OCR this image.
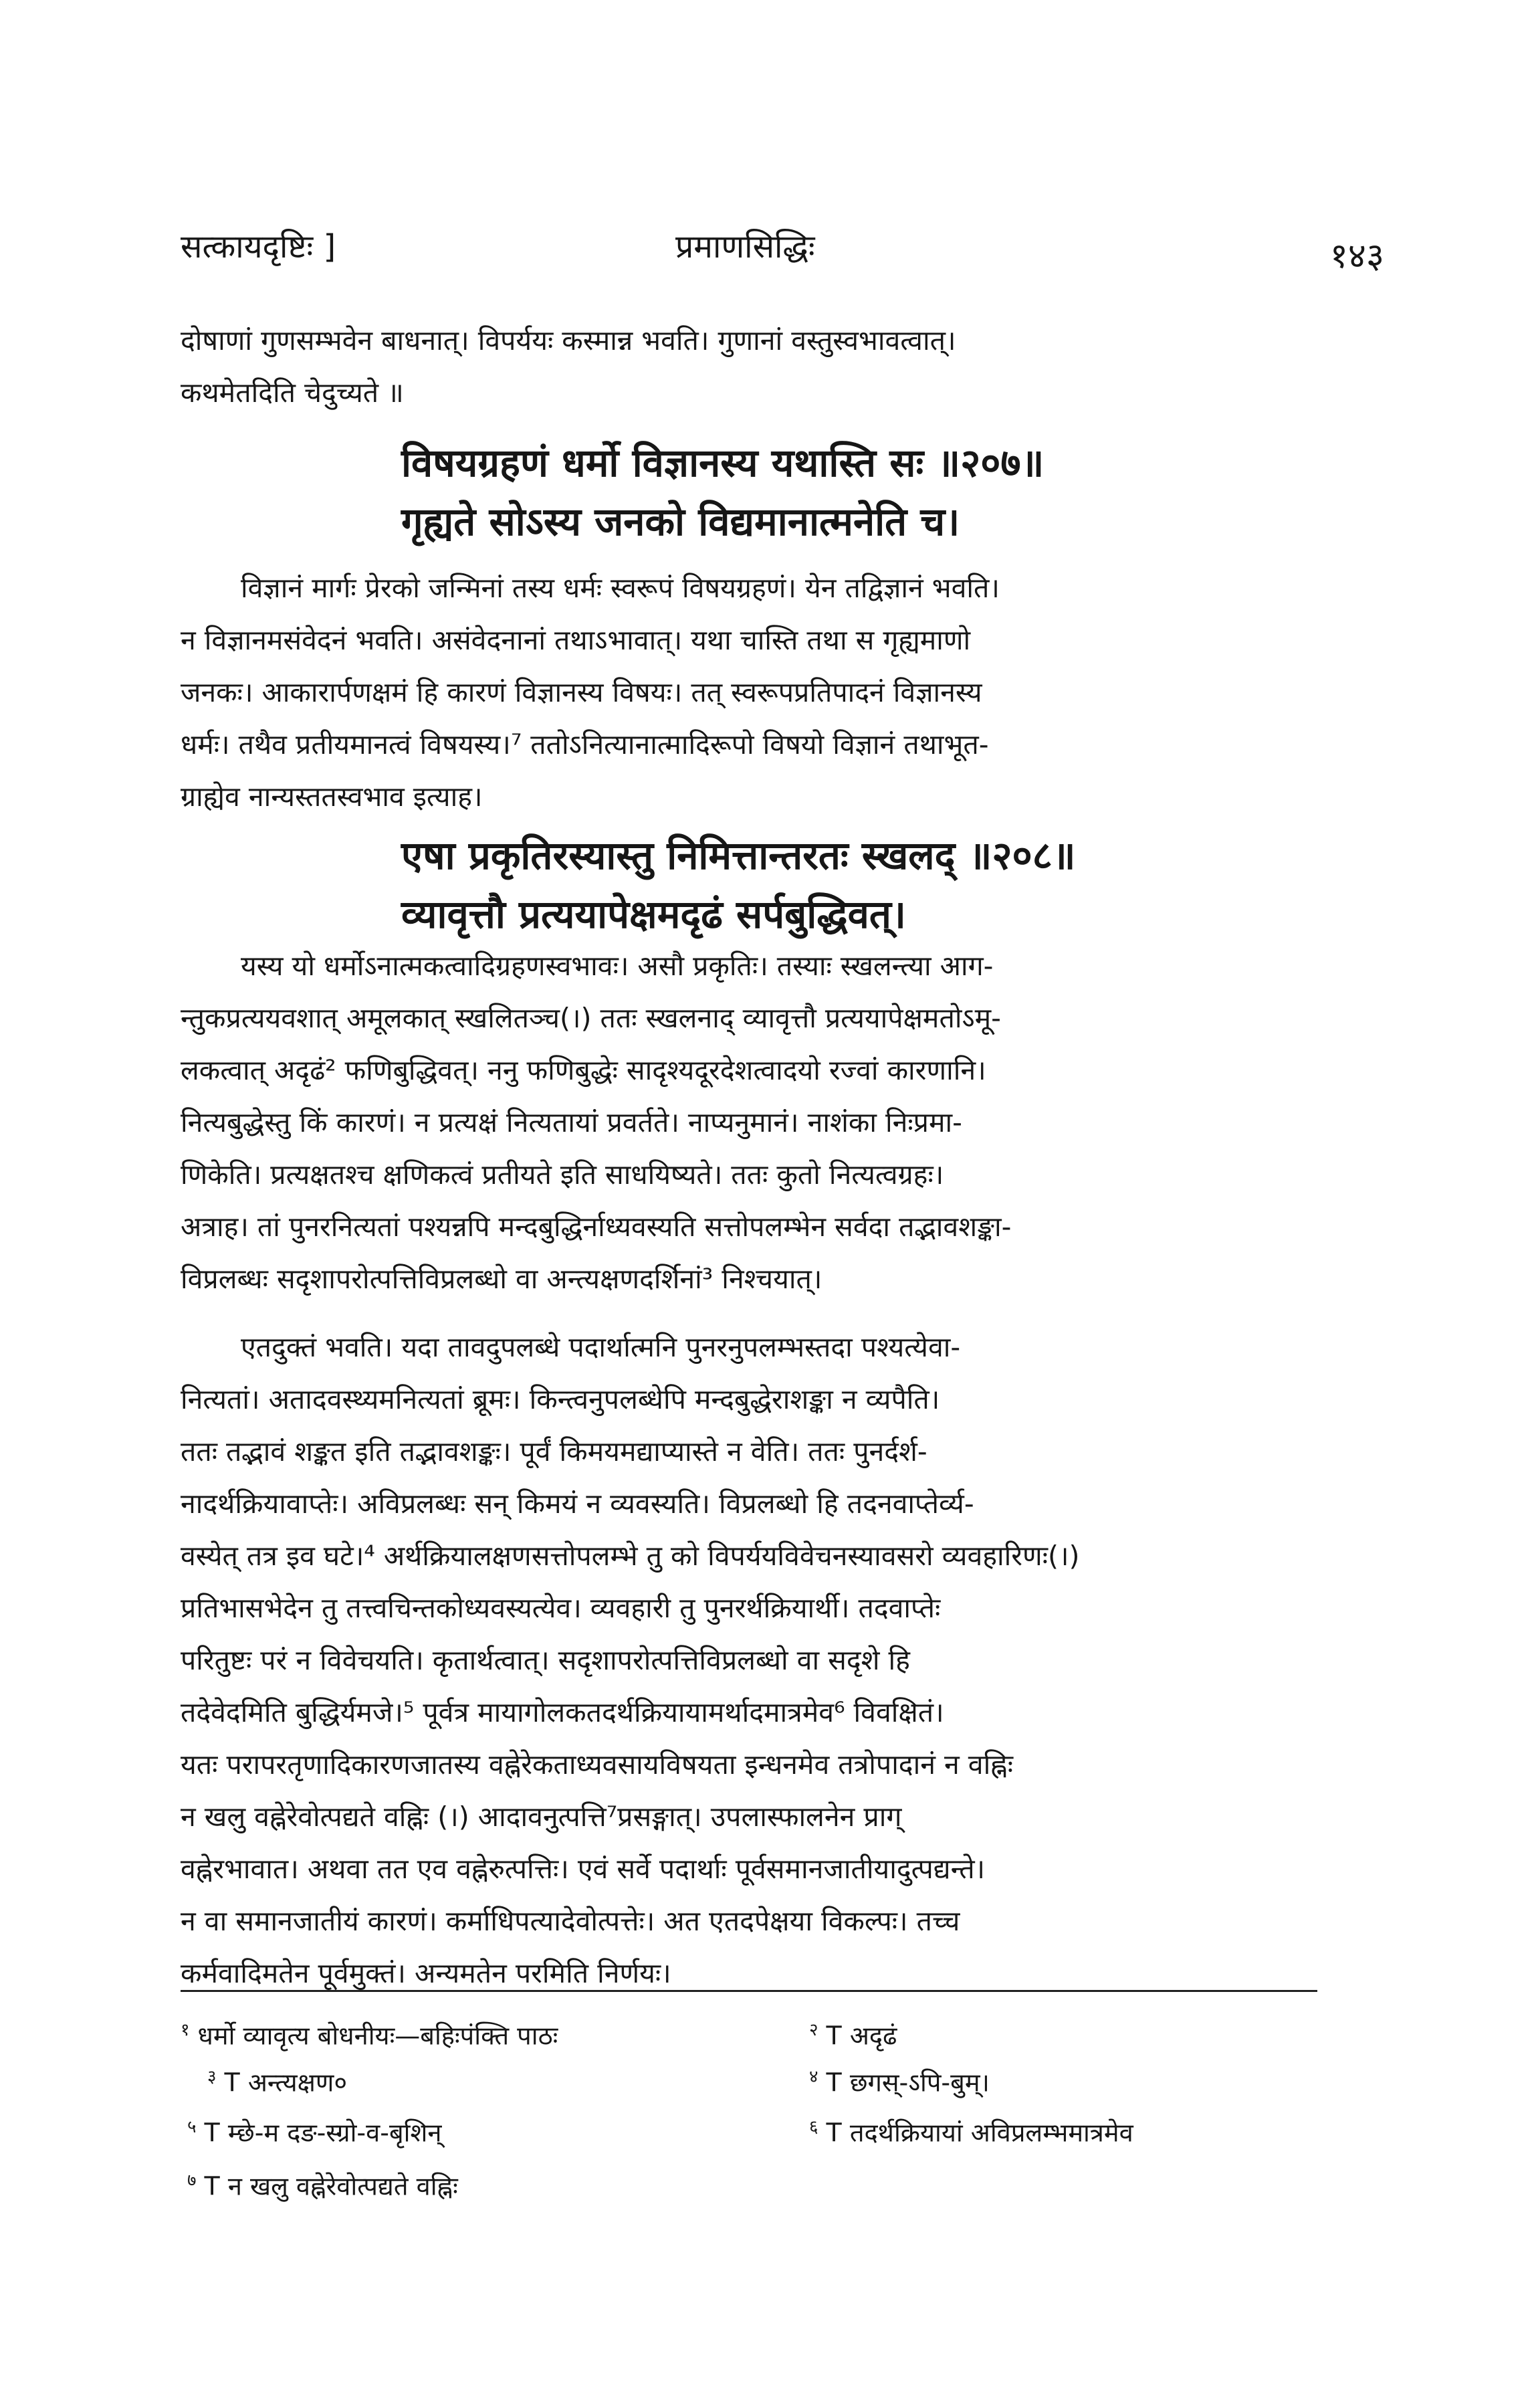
सत्कायदृष्टिः ]	प्रमाणसिद्धिः	१४३
दोषाणां गुणसम्भवेन बाधनात्। विपर्ययः कस्मान्न भवति। गुणानां वस्तुस्वभावत्वात्।
कथमेतदिति चेदुच्यते ॥
विषयग्रहणं धर्मो विज्ञानस्य यथास्ति सः ॥२०७॥
गृह्यते सोऽस्य जनको विद्यमानात्मनेति च।
विज्ञानं मार्गः प्रेरको जन्मिनां तस्य धर्मः स्वरूपं विषयग्रहणं। येन तद्विज्ञानं भवति।
न विज्ञानमसंवेदनं भवति। असंवेदनानां तथाऽभावात्। यथा चास्ति तथा स गृह्यमाणो
जनकः। आकारार्पणक्षमं हि कारणं विज्ञानस्य विषयः। तत् स्वरूपप्रतिपादनं विज्ञानस्य
धर्मः। तथैव प्रतीयमानत्वं विषयस्य।⁷ ततोऽनित्यानात्मादिरूपो विषयो विज्ञानं तथाभूत-
ग्राह्येव नान्यस्ततस्वभाव इत्याह।
एषा प्रकृतिरस्यास्तु निमित्तान्तरतः स्खलद् ॥२०८॥
व्यावृत्तौ प्रत्ययापेक्षमदृढं सर्पबुद्धिवत्।
यस्य यो धर्मोऽनात्मकत्वादिग्रहणस्वभावः। असौ प्रकृतिः। तस्याः स्खलन्त्या आग-
न्तुकप्रत्ययवशात् अमूलकात् स्खलितञ्च(।) ततः स्खलनाद् व्यावृत्तौ प्रत्ययापेक्षमतोऽमू-
लकत्वात् अदृढं² फणिबुद्धिवत्। ननु फणिबुद्धेः सादृश्यदूरदेशत्वादयो रज्वां कारणानि।
नित्यबुद्धेस्तु किं कारणं। न प्रत्यक्षं नित्यतायां प्रवर्तते। नाप्यनुमानं। नाशंका निःप्रमा-
णिकेति। प्रत्यक्षतश्च क्षणिकत्वं प्रतीयते इति साधयिष्यते। ततः कुतो नित्यत्वग्रहः।
अत्राह। तां पुनरनित्यतां पश्यन्नपि मन्दबुद्धिर्नाध्यवस्यति सत्तोपलम्भेन सर्वदा तद्भावशङ्का-
विप्रलब्धः सदृशापरोत्पत्तिविप्रलब्धो वा अन्त्यक्षणदर्शिनां³ निश्चयात्।
एतदुक्तं भवति। यदा तावदुपलब्धे पदार्थात्मनि पुनरनुपलम्भस्तदा पश्यत्येवा-
नित्यतां। अतादवस्थ्यमनित्यतां ब्रूमः। किन्त्वनुपलब्धेपि मन्दबुद्धेराशङ्का न व्यपैति।
ततः तद्भावं शङ्कत इति तद्भावशङ्कः। पूर्वं किमयमद्याप्यास्ते न वेति। ततः पुनर्दर्श-
नादर्थक्रियावाप्तेः। अविप्रलब्धः सन् किमयं न व्यवस्यति। विप्रलब्धो हि तदनवाप्तेर्व्य-
वस्येत् तत्र इव घटे।⁴ अर्थक्रियालक्षणसत्तोपलम्भे तु को विपर्ययविवेचनस्यावसरो व्यवहारिणः(।)
प्रतिभासभेदेन तु तत्त्वचिन्तकोध्यवस्यत्येव। व्यवहारी तु पुनरर्थक्रियार्थी। तदवाप्तेः
परितुष्टः परं न विवेचयति। कृतार्थत्वात्। सदृशापरोत्पत्तिविप्रलब्धो वा सदृशे हि
तदेवेदमिति बुद्धिर्यमजे।⁵ पूर्वत्र मायागोलकतदर्थक्रियायामर्थादमात्रमेव⁶ विवक्षितं।
यतः परापरतृणादिकारणजातस्य वह्नेरेकताध्यवसायविषयता इन्धनमेव तत्रोपादानं न वह्निः
न खलु वह्नेरेवोत्पद्यते वह्निः (।) आदावनुत्पत्ति⁷प्रसङ्गात्। उपलास्फालनेन प्राग्
वह्नेरभावात। अथवा तत एव वह्नेरुत्पत्तिः। एवं सर्वे पदार्थाः पूर्वसमानजातीयादुत्पद्यन्ते।
न वा समानजातीयं कारणं। कर्माधिपत्यादेवोत्पत्तेः। अत एतदपेक्षया विकल्पः। तच्च
कर्मवादिमतेन पूर्वमुक्तं। अन्यमतेन परमिति निर्णयः।
$^१$ धर्मो व्यावृत्य बोधनीयः—बहिःपंक्ति पाठः	$^२$ T अदृढं
$^३$ T अन्त्यक्षण०	$^४$ T छगस्-ऽपि-बुम्।
$^५$ T म्छे-म दङ-स्ग्रो-व-बृशिन्	$^६$ T तदर्थक्रियायां अविप्रलम्भमात्रमेव
$^७$ T न खलु वह्नेरेवोत्पद्यते वह्निः
